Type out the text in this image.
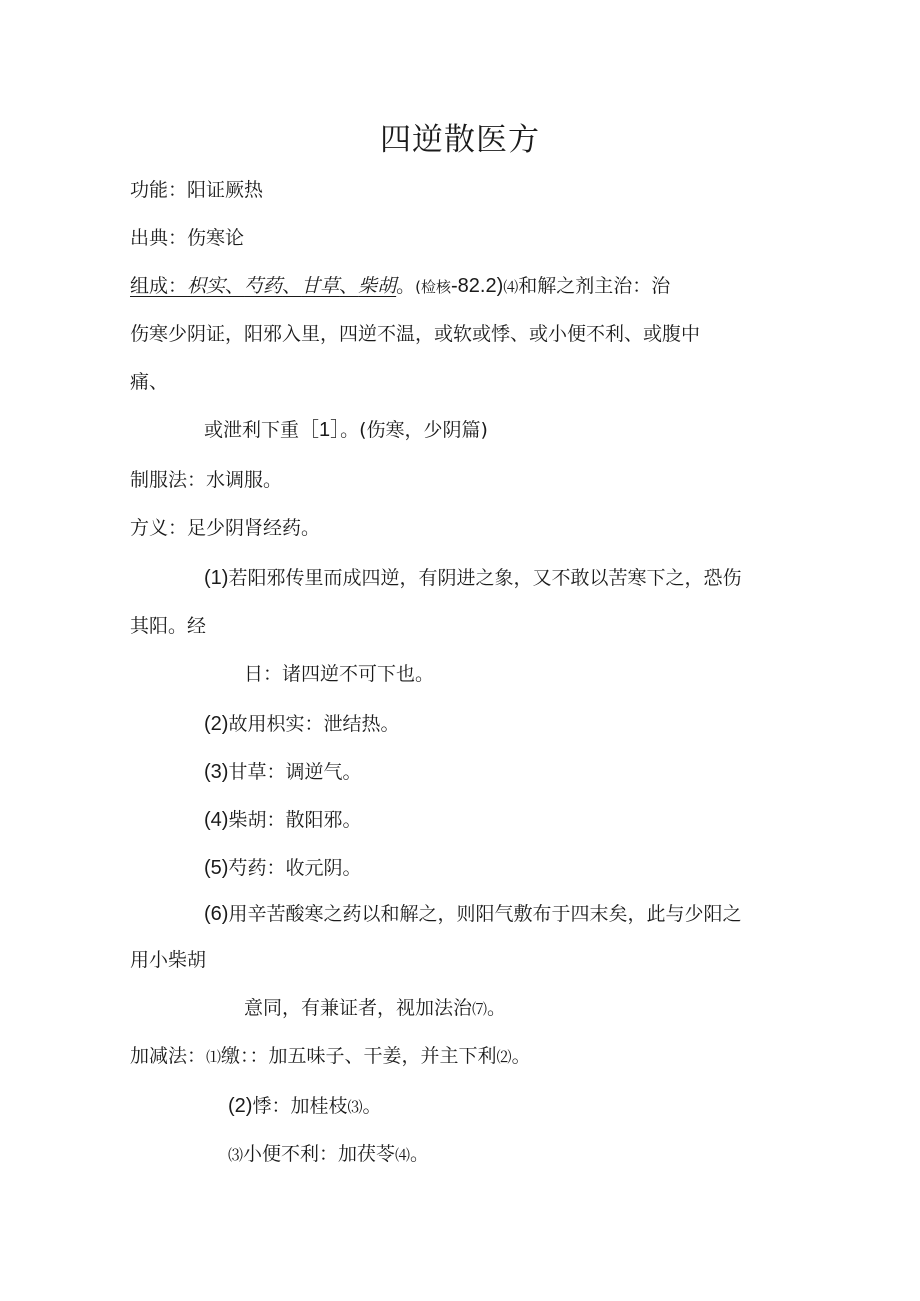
四逆散医方
功能：阳证厥热
出典：伤寒论
组成：枳实、芍药、甘草、柴胡。(检核-82.2)⑷和解之剂主治：治
伤寒少阴证，阳邪入里，四逆不温，或软或悸、或小便不利、或腹中
痛、
或泄利下重［1］。(伤寒，少阴篇)
制服法：水调服。
方义：足少阴肾经药。
(1)若阳邪传里而成四逆，有阴进之象，又不敢以苦寒下之，恐伤
其阳。经
日：诸四逆不可下也。
(2)故用枳实：泄结热。
(3)甘草：调逆气。
(4)柴胡：散阳邪。
(5)芍药：收元阴。
(6)用辛苦酸寒之药以和解之，则阳气敷布于四末矣，此与少阳之
用小柴胡
意同，有兼证者，视加法治⑺。
加减法：⑴缴：：加五味子、干姜，并主下利⑵。
(2)悸：加桂枝⑶。
⑶小便不利：加茯苓⑷。
